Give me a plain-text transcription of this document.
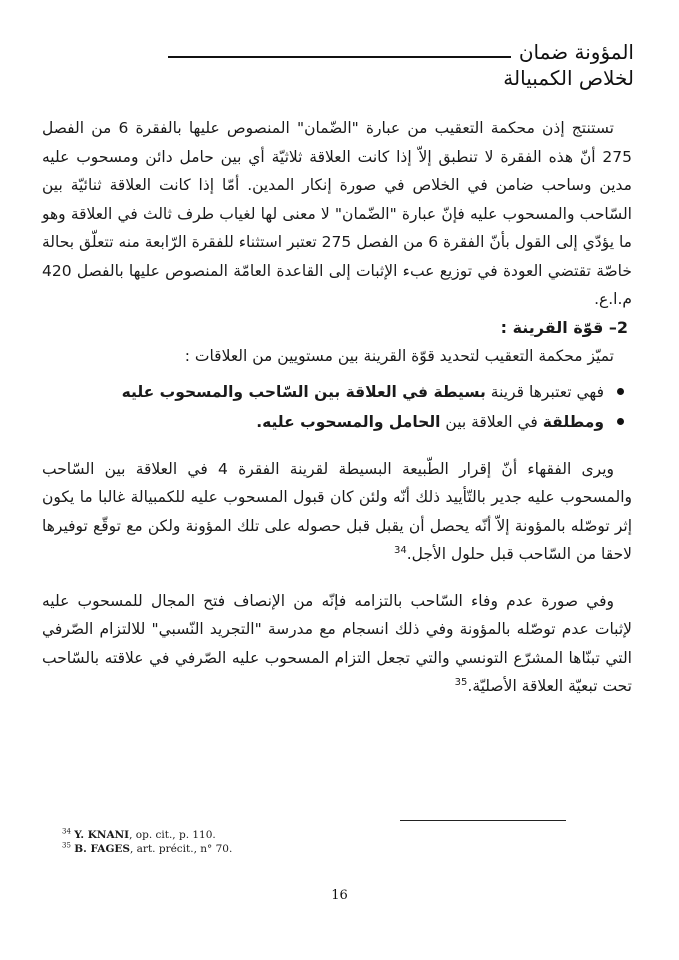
المؤونة ضمان
لخلاص الكمبيالة

تستنتج إذن محكمة التعقيب من عبارة "الضّمان" المنصوص عليها بالفقرة 6 من الفصل 275 أنّ هذه الفقرة لا تنطبق إلاّ إذا كانت العلاقة ثلاثيّة أي بين حامل دائن ومسحوب عليه مدين وساحب ضامن في الخلاص في صورة إنكار المدين. أمّا إذا كانت العلاقة ثنائيّة بين السّاحب والمسحوب عليه فإنّ عبارة "الضّمان" لا معنى لها لغياب طرف ثالث في العلاقة وهو ما يؤدّي إلى القول بأنّ الفقرة 6 من الفصل 275 تعتبر استثناء للفقرة الرّابعة منه تتعلّق بحالة خاصّة تقتضي العودة في توزيع عبء الإثبات إلى القاعدة العامّة المنصوص عليها بالفصل 420 م.ا.ع.

2– قوّة القرينة :

تميّز محكمة التعقيب لتحديد قوّة القرينة بين مستويين من العلاقات :

فهي تعتبرها قرينة بسيطة في العلاقة بين السّاحب والمسحوب عليه
ومطلقة في العلاقة بين الحامل والمسحوب عليه.

ويرى الفقهاء أنّ إقرار الطّبيعة البسيطة لقرينة الفقرة 4 في العلاقة بين السّاحب والمسحوب عليه جدير بالتّأييد ذلك أنّه ولئن كان قبول المسحوب عليه للكمبيالة غالبا ما يكون إثر توصّله بالمؤونة إلاّ أنّه يحصل أن يقبل قبل حصوله على تلك المؤونة ولكن مع توقّع توفيرها لاحقا من السّاحب قبل حلول الأجل.$^{34}$

وفي صورة عدم وفاء السّاحب بالتزامه فإنّه من الإنصاف فتح المجال للمسحوب عليه لإثبات عدم توصّله بالمؤونة وفي ذلك انسجام مع مدرسة "التجريد النّسبي" للالتزام الصّرفي التي تبنّاها المشرّع التونسي والتي تجعل التزام المسحوب عليه الصّرفي في علاقته بالسّاحب تحت تبعيّة العلاقة الأصليّة.$^{35}$

$^{34}$ Y. KNANI, op. cit., p. 110.
$^{35}$ B. FAGES, art. précit., n° 70.
16
